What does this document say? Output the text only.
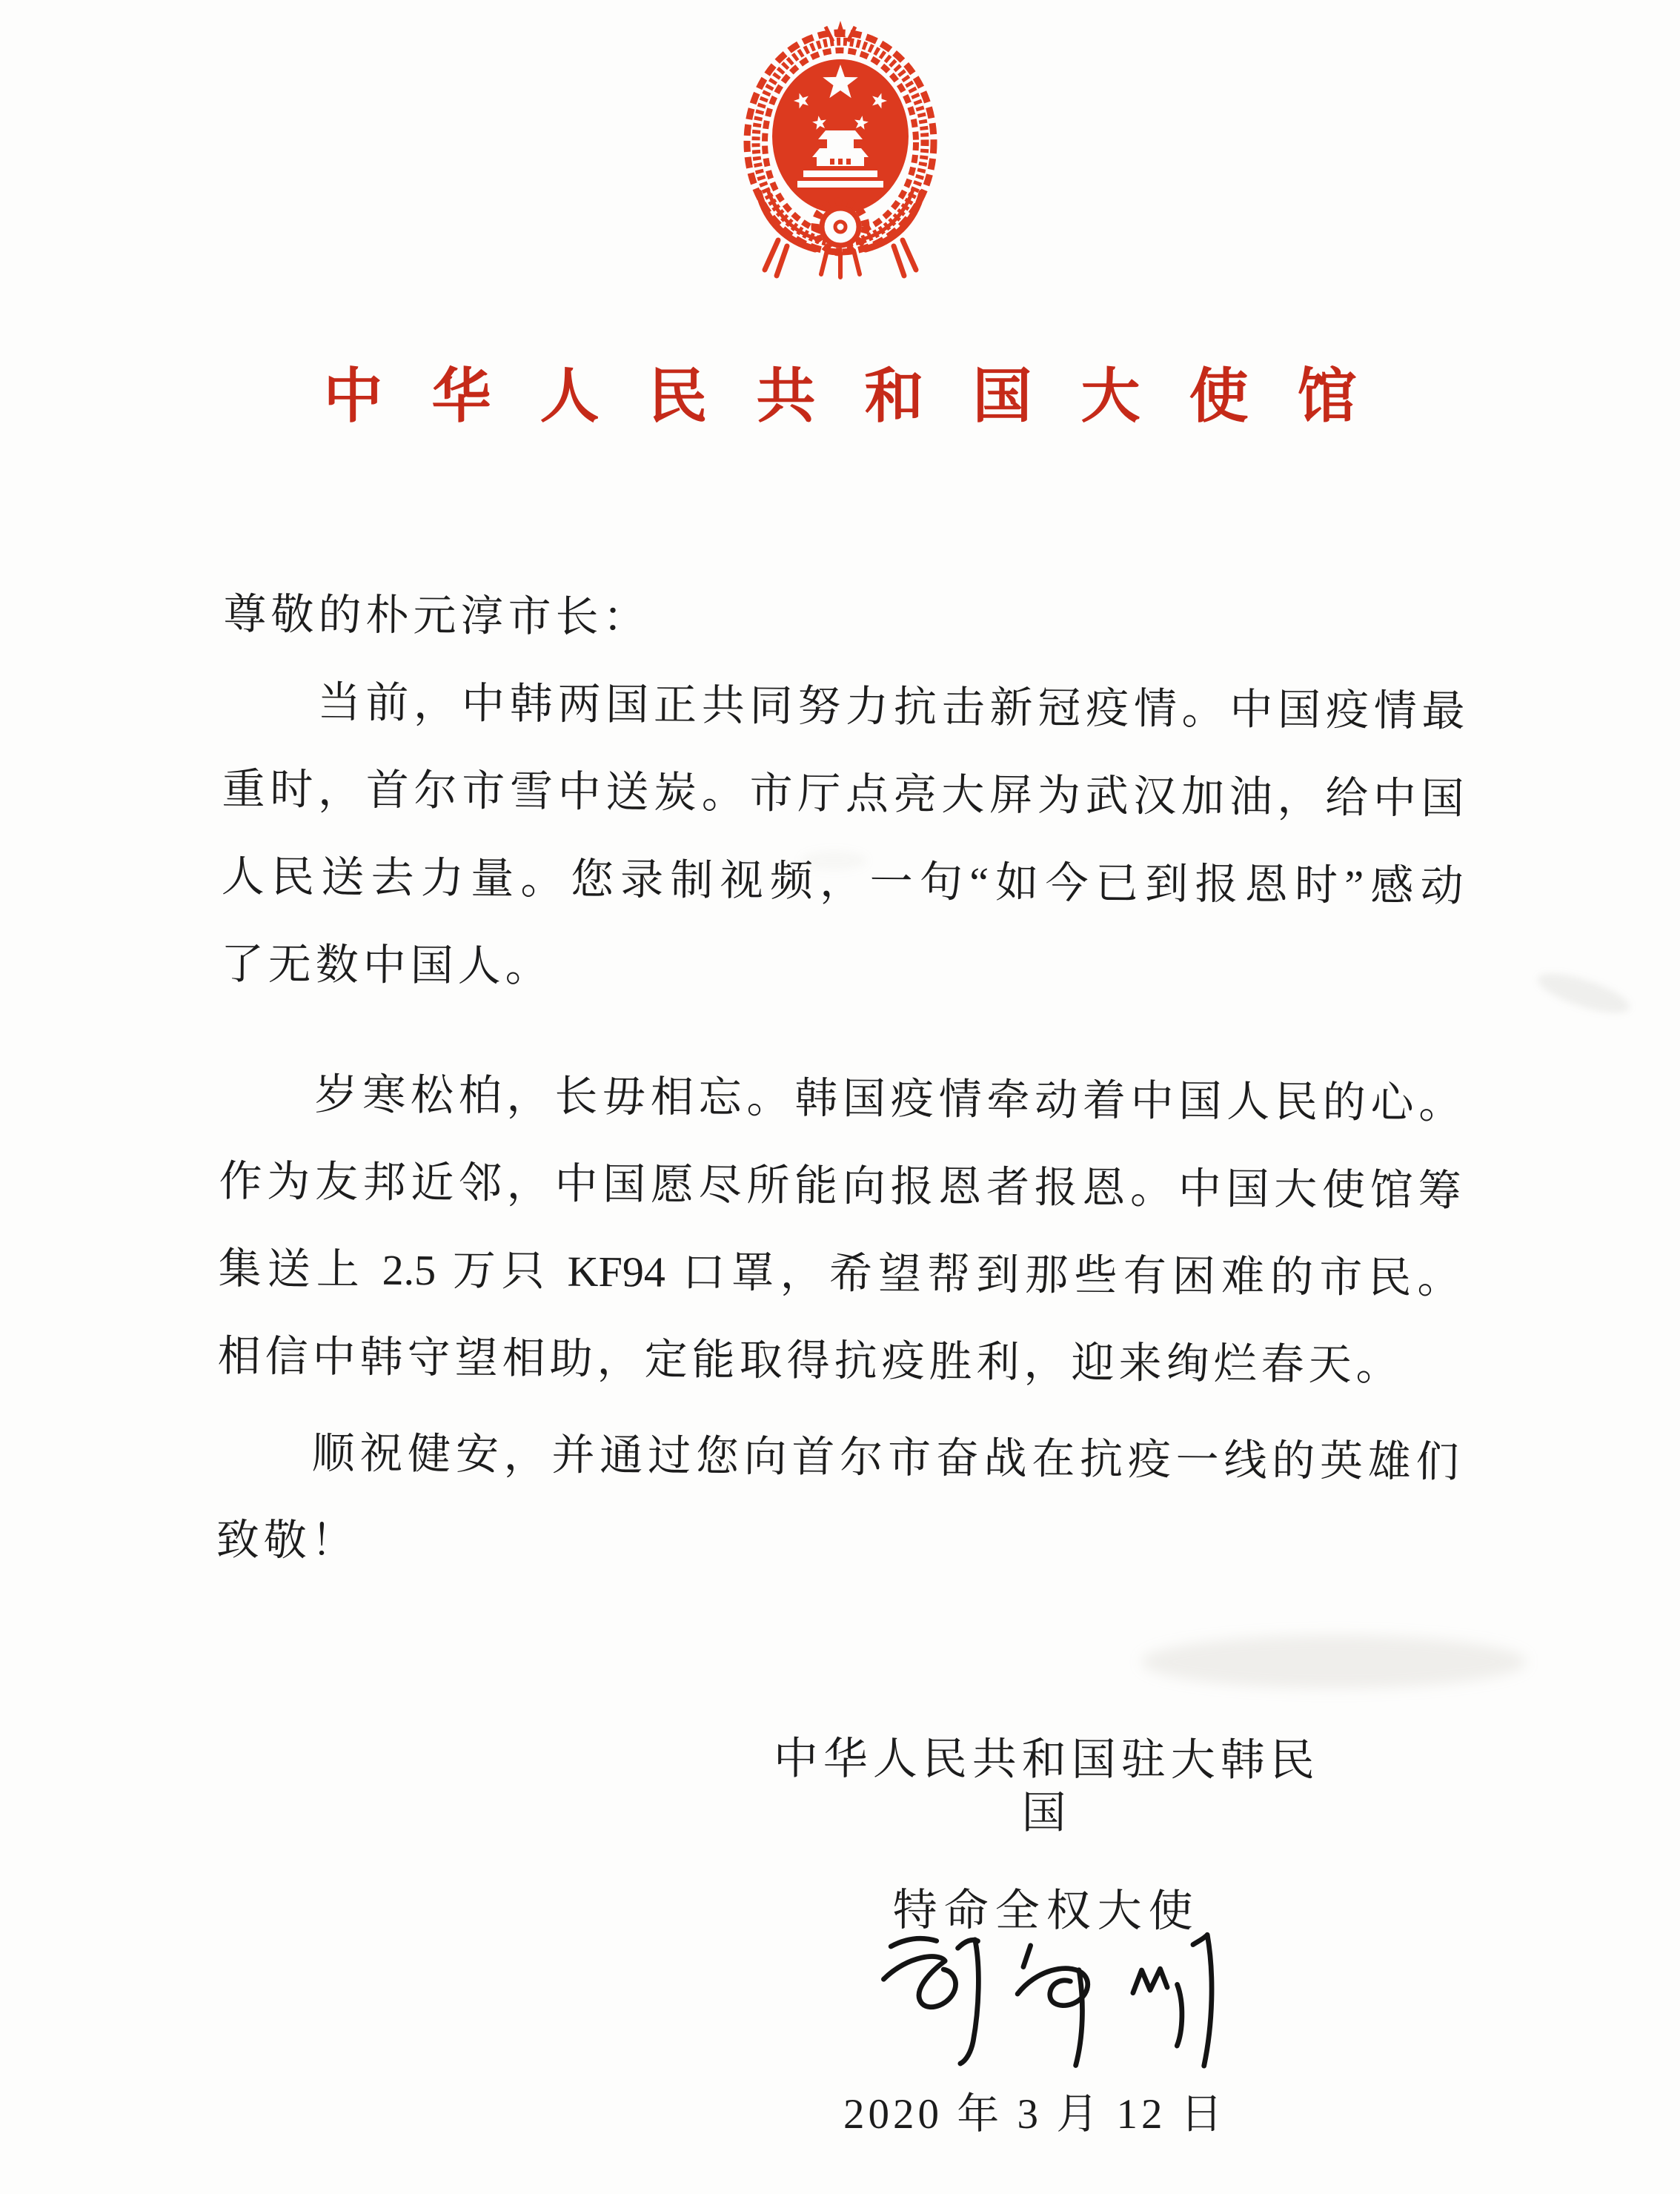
中华人民共和国大使馆
尊敬的朴元淳市长：
当前，中韩两国正共同努力抗击新冠疫情。中国疫情最
重时，首尔市雪中送炭。市厅点亮大屏为武汉加油，给中国
人民送去力量。您录制视频，一句“如今已到报恩时”感动
了无数中国人。
岁寒松柏，长毋相忘。韩国疫情牵动着中国人民的心。
作为友邦近邻，中国愿尽所能向报恩者报恩。中国大使馆筹
集送上 2.5 万只 KF94 口罩，希望帮到那些有困难的市民。
相信中韩守望相助，定能取得抗疫胜利，迎来绚烂春天。
顺祝健安，并通过您向首尔市奋战在抗疫一线的英雄们
致敬！
中华人民共和国驻大韩民国
特命全权大使
2020 年 3 月 12 日
